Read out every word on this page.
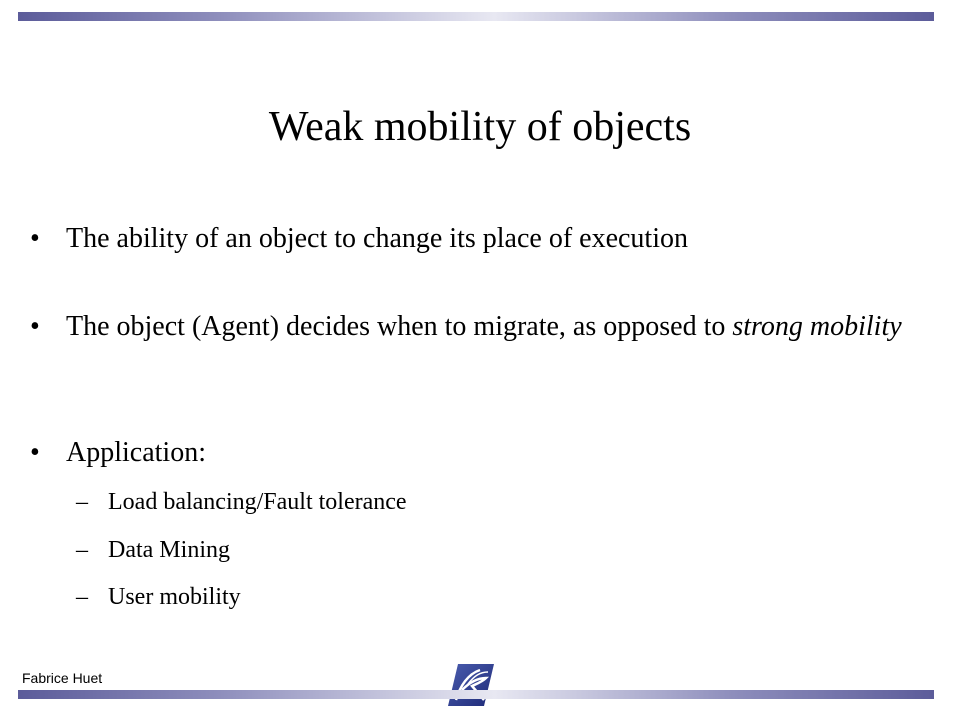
Weak mobility of objects
• The ability of an object to change its place of execution
• The object (Agent) decides when to migrate, as opposed to strong mobility
• Application:
– Load balancing/Fault tolerance
– Data Mining
– User mobility
Fabrice Huet
